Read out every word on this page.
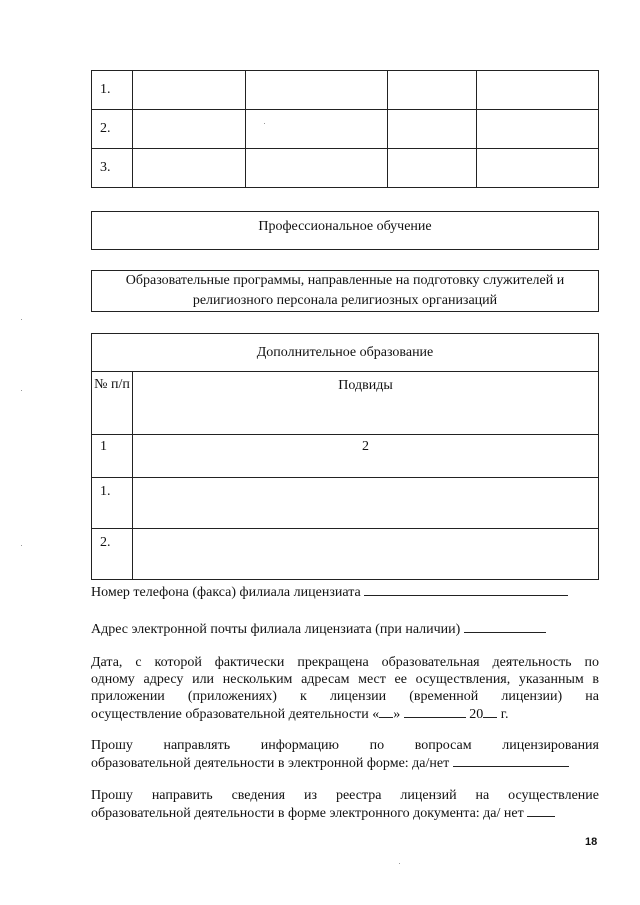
1.				
2.				
3.				
Профессиональное обучение
Образовательные программы, направленные на подготовку служителей и религиозного персонала религиозных организаций
Дополнительное образование	
№ п/п	Подвиды
1	2
1.	
2.	
Номер телефона (факса) филиала лицензиата
Адрес электронной почты филиала лицензиата (при наличии)
Дата, с которой фактически прекращена образовательная деятельность по
одному адресу или нескольким адресам мест ее осуществления, указанным в
приложении (приложениях) к лицензии (временной лицензии) на
осуществление образовательной деятельности « »	20 г.
Прошу направлять информацию по вопросам лицензирования
образовательной деятельности в электронной форме: да/нет
Прошу направить сведения из реестра лицензий на осуществление
образовательной деятельности в форме электронного документа: да/ нет
18
